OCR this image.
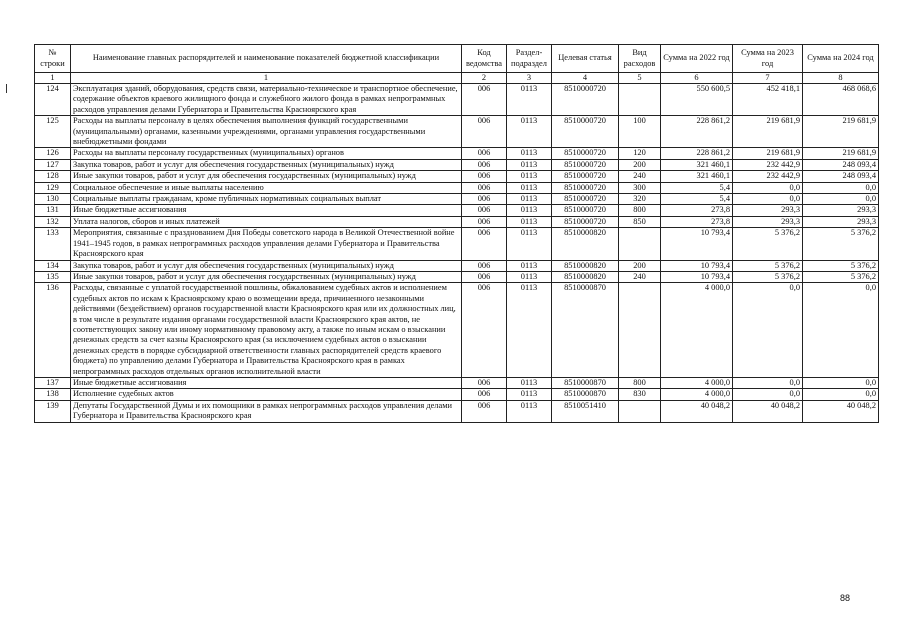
№ строки	Наименование главных распорядителей и наименование показателей бюджетной классификации	Код ведомства	Раздел-подраздел	Целевая статья	Вид расходов	Сумма на 2022 год	Сумма на 2023 год	Сумма на 2024 год
1	1	2	3	4	5	6	7	8
124	Эксплуатация зданий, оборудования, средств связи, материально-техническое и транспортное обеспечение, содержание объектов краевого жилищного фонда и служебного жилого фонда в рамках непрограммных расходов управления делами Губернатора и Правительства Красноярского края	006	0113	8510000720		550 600,5	452 418,1	468 068,6
125	Расходы на выплаты персоналу в целях обеспечения выполнения функций государственными (муниципальными) органами, казенными учреждениями, органами управления государственными внебюджетными фондами	006	0113	8510000720	100	228 861,2	219 681,9	219 681,9
126	Расходы на выплаты персоналу государственных (муниципальных) органов	006	0113	8510000720	120	228 861,2	219 681,9	219 681,9
127	Закупка товаров, работ и услуг для обеспечения государственных (муниципальных) нужд	006	0113	8510000720	200	321 460,1	232 442,9	248 093,4
128	Иные закупки товаров, работ и услуг для обеспечения государственных (муниципальных) нужд	006	0113	8510000720	240	321 460,1	232 442,9	248 093,4
129	Социальное обеспечение и иные выплаты населению	006	0113	8510000720	300	5,4	0,0	0,0
130	Социальные выплаты гражданам, кроме публичных нормативных социальных выплат	006	0113	8510000720	320	5,4	0,0	0,0
131	Иные бюджетные ассигнования	006	0113	8510000720	800	273,8	293,3	293,3
132	Уплата налогов, сборов и иных платежей	006	0113	8510000720	850	273,8	293,3	293,3
133	Мероприятия, связанные с празднованием Дня Победы советского народа в Великой Отечественной войне 1941–1945 годов, в рамках непрограммных расходов управления делами Губернатора и Правительства Красноярского края	006	0113	8510000820		10 793,4	5 376,2	5 376,2
134	Закупка товаров, работ и услуг для обеспечения государственных (муниципальных) нужд	006	0113	8510000820	200	10 793,4	5 376,2	5 376,2
135	Иные закупки товаров, работ и услуг для обеспечения государственных (муниципальных) нужд	006	0113	8510000820	240	10 793,4	5 376,2	5 376,2
136	Расходы, связанные с уплатой государственной пошлины, обжалованием судебных актов и исполнением судебных актов по искам к Красноярскому краю о возмещении вреда, причиненного незаконными действиями (бездействием) органов государственной власти Красноярского края или их должностных лиц, в том числе в результате издания органами государственной власти Красноярского края актов, не соответствующих закону или иному нормативному правовому акту, а также по иным искам о взыскании денежных средств за счет казны Красноярского края (за исключением судебных актов о взыскании денежных средств в порядке субсидиарной ответственности главных распорядителей средств краевого бюджета) по управлению делами Губернатора и Правительства Красноярского края в рамках непрограммных расходов отдельных органов исполнительной власти	006	0113	8510000870		4 000,0	0,0	0,0
137	Иные бюджетные ассигнования	006	0113	8510000870	800	4 000,0	0,0	0,0
138	Исполнение судебных актов	006	0113	8510000870	830	4 000,0	0,0	0,0
139	Депутаты Государственной Думы и их помощники в рамках непрограммных расходов управления делами Губернатора и Правительства Красноярского края	006	0113	8510051410		40 048,2	40 048,2	40 048,2
88
